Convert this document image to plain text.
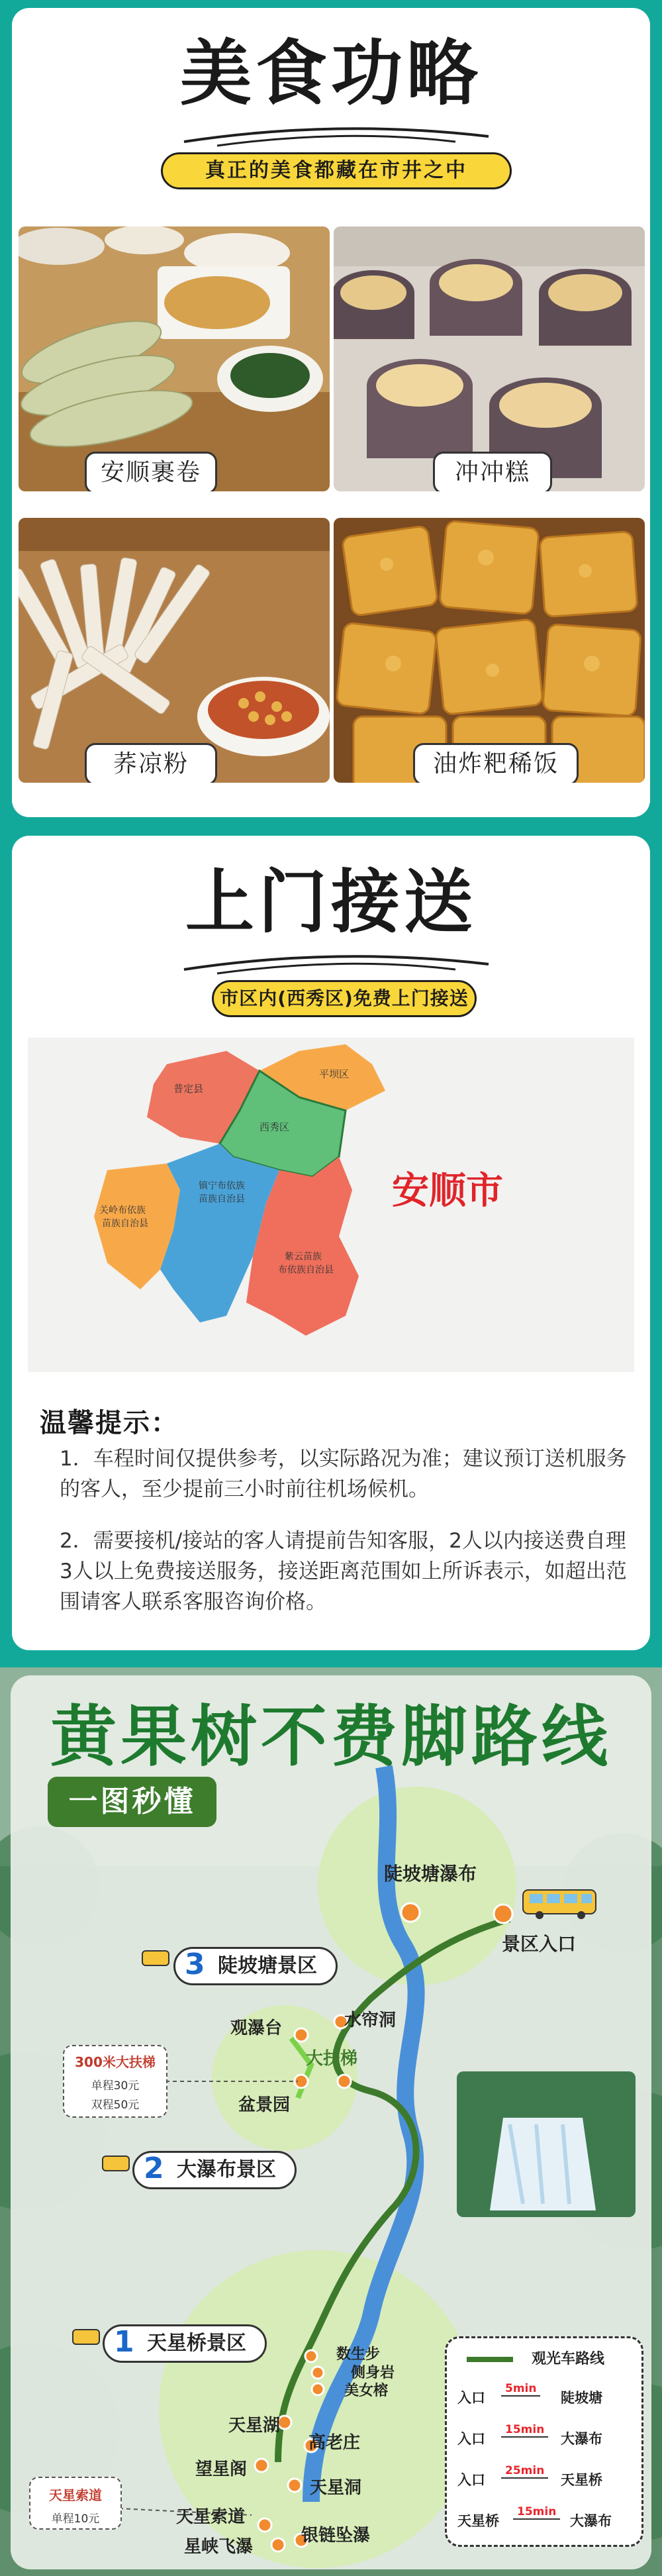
美食功略
真正的美食都藏在市井之中
安顺裹卷	冲冲糕
荞凉粉	油炸粑稀饭
上门接送
市区内(西秀区)免费上门接送
普定县
平坝区
西秀区
关岭布依族苗族自治县
镇宁布依族苗族自治县
紫云苗族布依族自治县
安顺市
温馨提示：
1．车程时间仅提供参考，以实际路况为准；建议预订送机服务的客人，至少提前三小时前往机场候机。
2．需要接机/接站的客人请提前告知客服，2人以内接送费自理3人以上免费接送服务，接送距离范围如上所诉表示，如超出范围请客人联系客服咨询价格。
黄果树不费脚路线
一图秒懂
3 陡坡塘景区
2 大瀑布景区
1 天星桥景区
陡坡塘瀑布
景区入口
水帘洞
观瀑台
大扶梯
盆景园
数生步
侧身岩
美女榕
天星湖
高老庄
望星阁
天星洞
天星索道
星峡飞瀑
银链坠瀑
300米大扶梯
单程30元
双程50元
天星索道
单程10元
观光车路线
入口
5min
陡坡塘
入口
15min
大瀑布
入口
25min
天星桥
天星桥
15min
大瀑布
